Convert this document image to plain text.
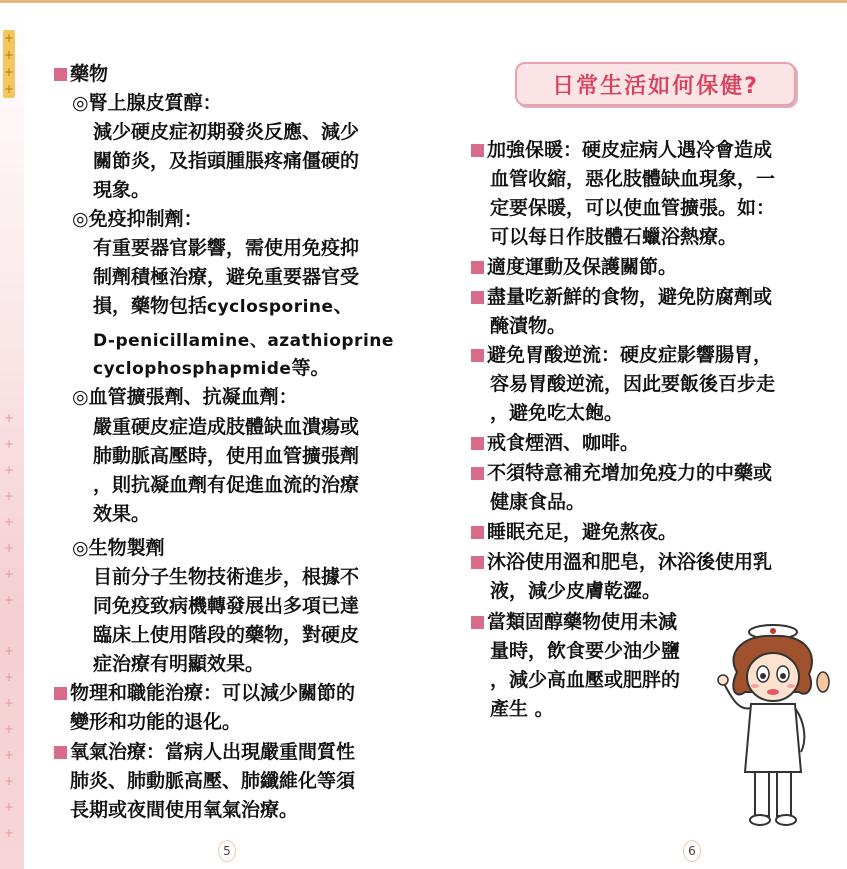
+
+
+
+
+
+
+
+
+
+
+
+
+
+
+
+
+
+
+
+
藥物
◎腎上腺皮質醇：
減少硬皮症初期發炎反應、減少
關節炎，及指頭腫脹疼痛僵硬的
現象。
◎免疫抑制劑：
有重要器官影響，需使用免疫抑
制劑積極治療，避免重要器官受
損，藥物包括cyclosporine、
D-penicillamine、azathioprine
cyclophosphapmide等。
◎血管擴張劑、抗凝血劑：
嚴重硬皮症造成肢體缺血潰瘍或
肺動脈高壓時，使用血管擴張劑
，則抗凝血劑有促進血流的治療
效果。
◎生物製劑
目前分子生物技術進步，根據不
同免疫致病機轉發展出多項已達
臨床上使用階段的藥物，對硬皮
症治療有明顯效果。
物理和職能治療：可以減少關節的
變形和功能的退化。
氧氣治療：當病人出現嚴重間質性
肺炎、肺動脈高壓、肺纖維化等須
長期或夜間使用氧氣治療。
5
日常生活如何保健?
加強保暖：硬皮症病人遇冷會造成
血管收縮，惡化肢體缺血現象，一
定要保暖，可以使血管擴張。如：
可以每日作肢體石蠟浴熱療。
適度運動及保護關節。
盡量吃新鮮的食物，避免防腐劑或
醃漬物。
避免胃酸逆流：硬皮症影響腸胃，
容易胃酸逆流，因此要飯後百步走
，避免吃太飽。
戒食煙酒、咖啡。
不須特意補充增加免疫力的中藥或
健康食品。
睡眠充足，避免熬夜。
沐浴使用溫和肥皂，沐浴後使用乳
液，減少皮膚乾澀。
當類固醇藥物使用未減
量時，飲食要少油少鹽
，減少高血壓或肥胖的
產生 。
6
